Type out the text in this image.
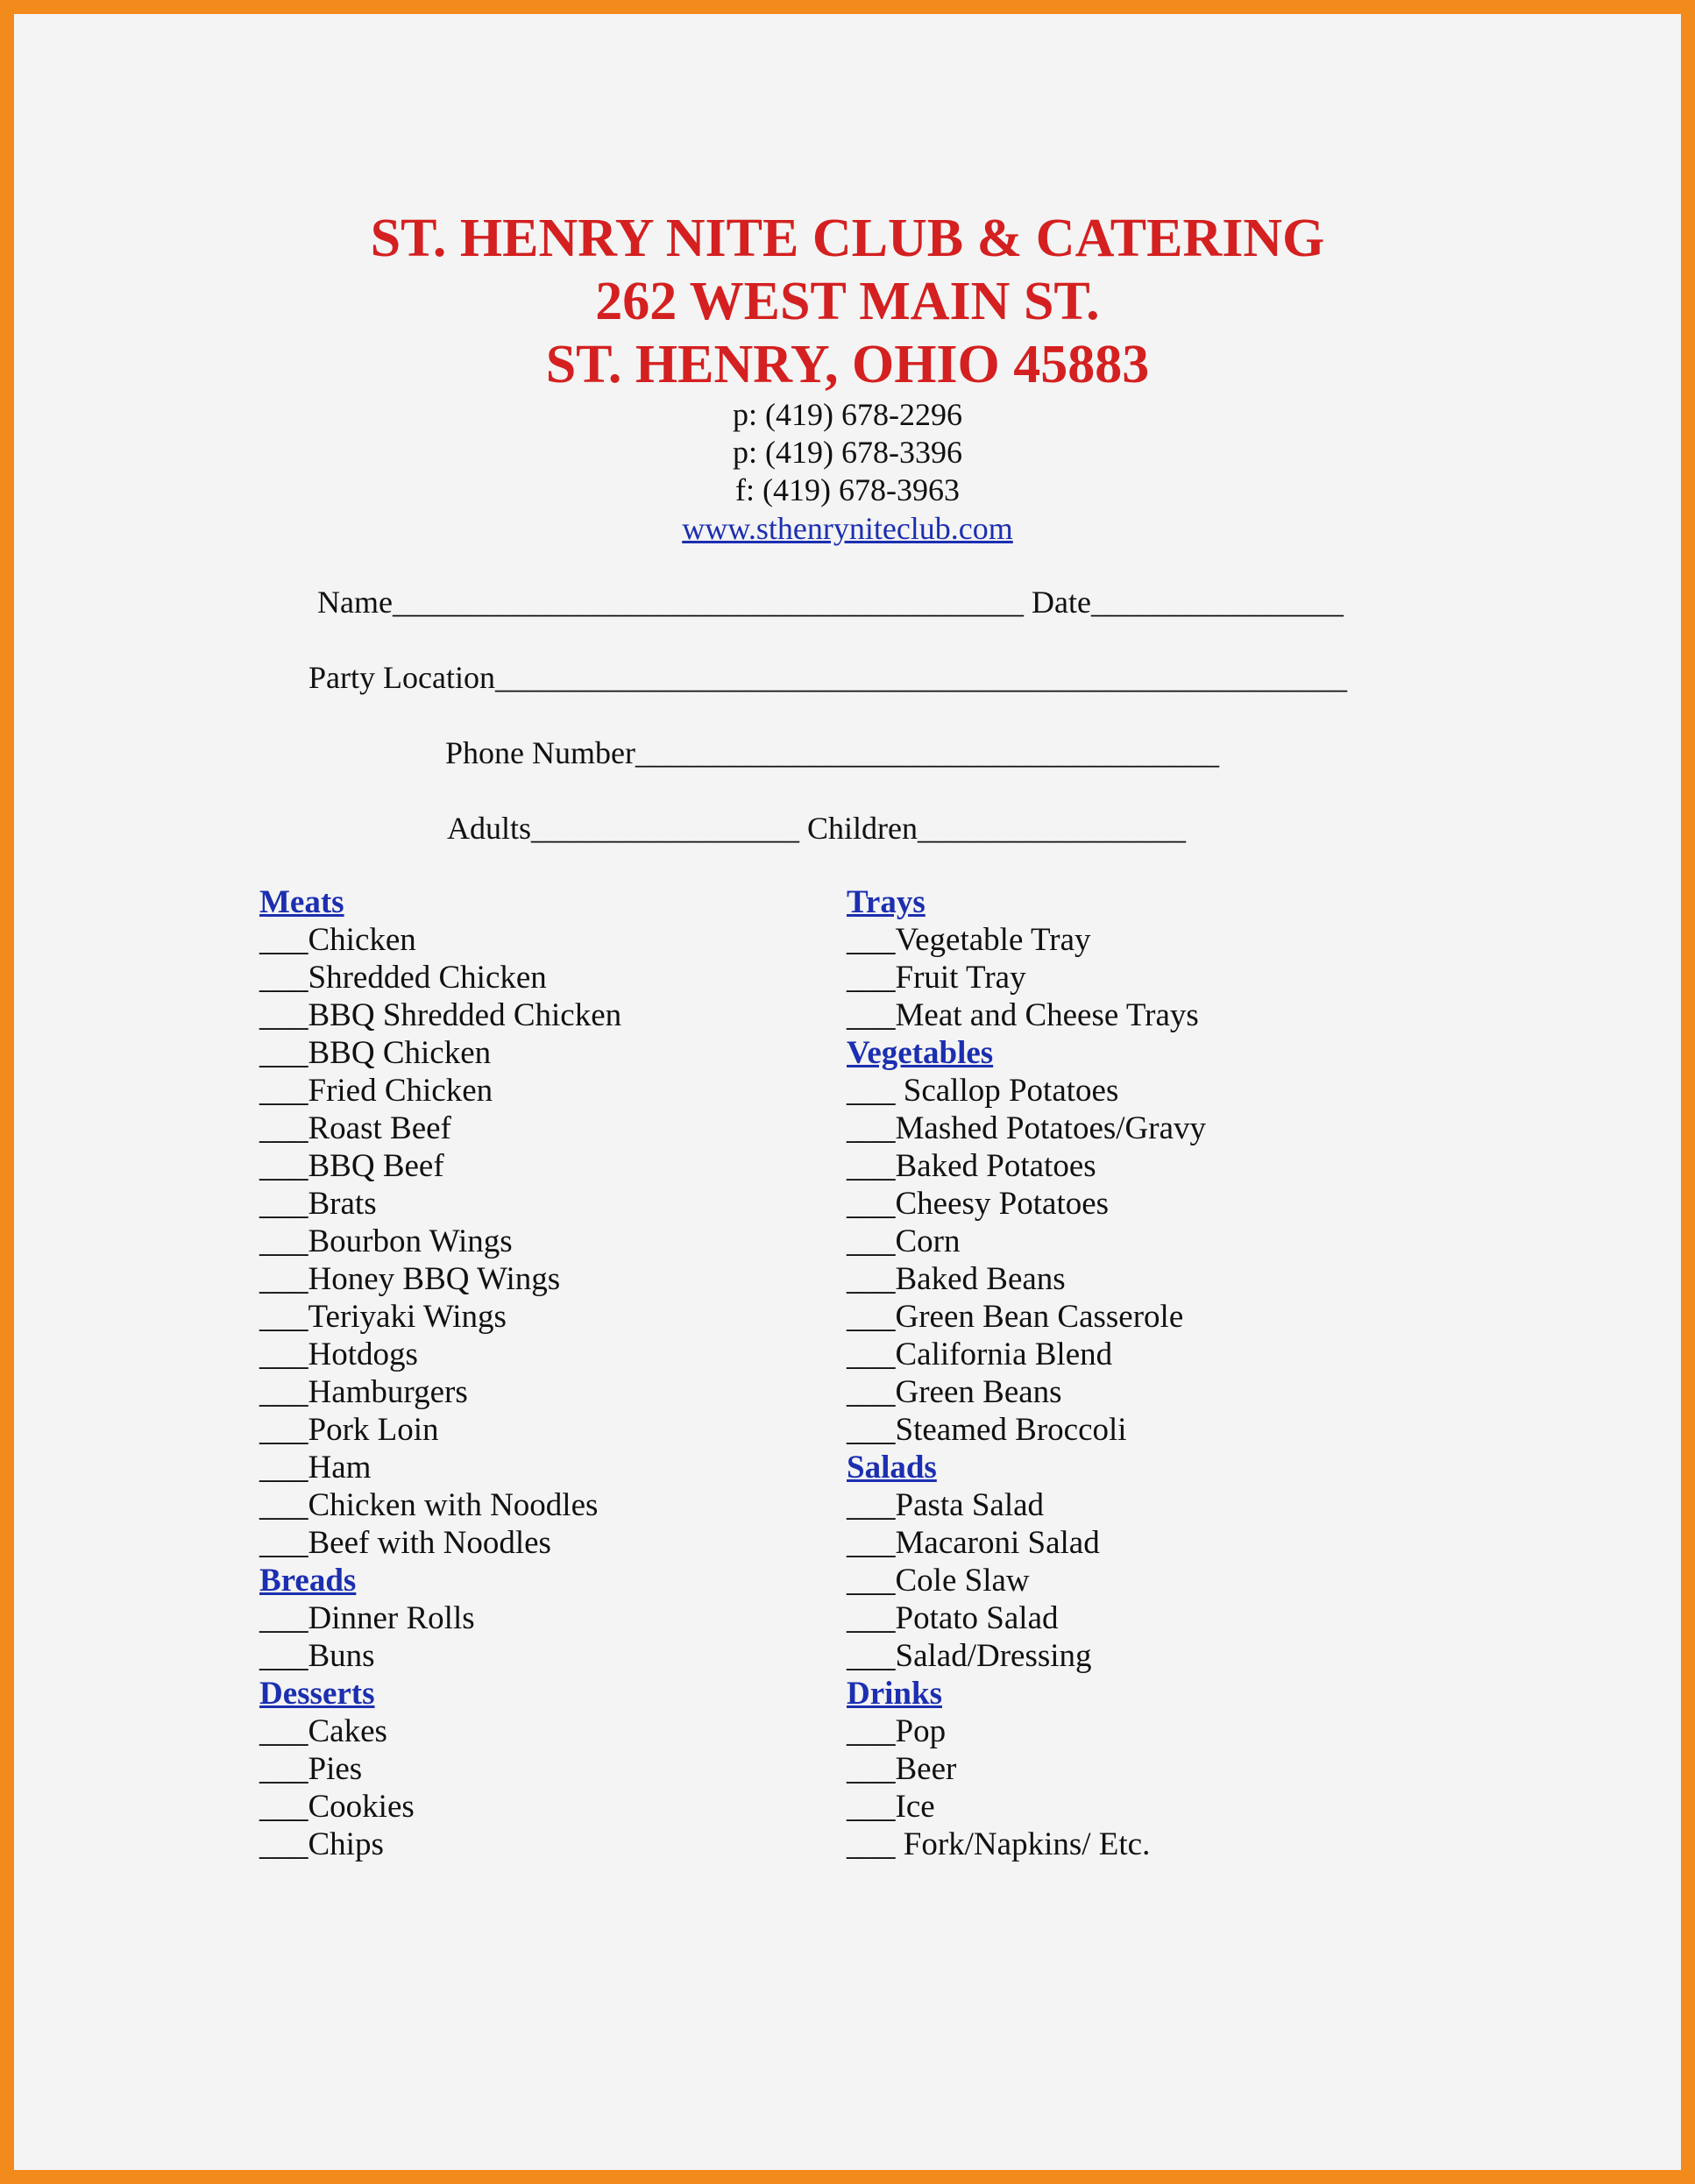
ST. HENRY NITE CLUB & CATERING

262 WEST MAIN ST.

ST. HENRY, OHIO 45883

p: (419) 678-2296

p: (419) 678-3396

f: (419) 678-3963

www.sthenryniteclub.com

Name________________________________________ Date________________
Party Location______________________________________________________
Phone Number_____________________________________
Adults_________________ Children_________________
Meats
___Chicken
___Shredded Chicken
___BBQ Shredded Chicken
___BBQ Chicken
___Fried Chicken
___Roast Beef
___BBQ Beef
___Brats
___Bourbon Wings
___Honey BBQ Wings
___Teriyaki Wings
___Hotdogs
___Hamburgers
___Pork Loin
___Ham
___Chicken with Noodles
___Beef with Noodles
Breads
___Dinner Rolls
___Buns
Desserts
___Cakes
___Pies
___Cookies
___Chips
Trays
___Vegetable Tray
___Fruit Tray
___Meat and Cheese Trays
Vegetables
___ Scallop Potatoes
___Mashed Potatoes/Gravy
___Baked Potatoes
___Cheesy Potatoes
___Corn
___Baked Beans
___Green Bean Casserole
___California Blend
___Green Beans
___Steamed Broccoli
Salads
___Pasta Salad
___Macaroni Salad
___Cole Slaw
___Potato Salad
___Salad/Dressing
Drinks
___Pop
___Beer
___Ice
___ Fork/Napkins/ Etc.
